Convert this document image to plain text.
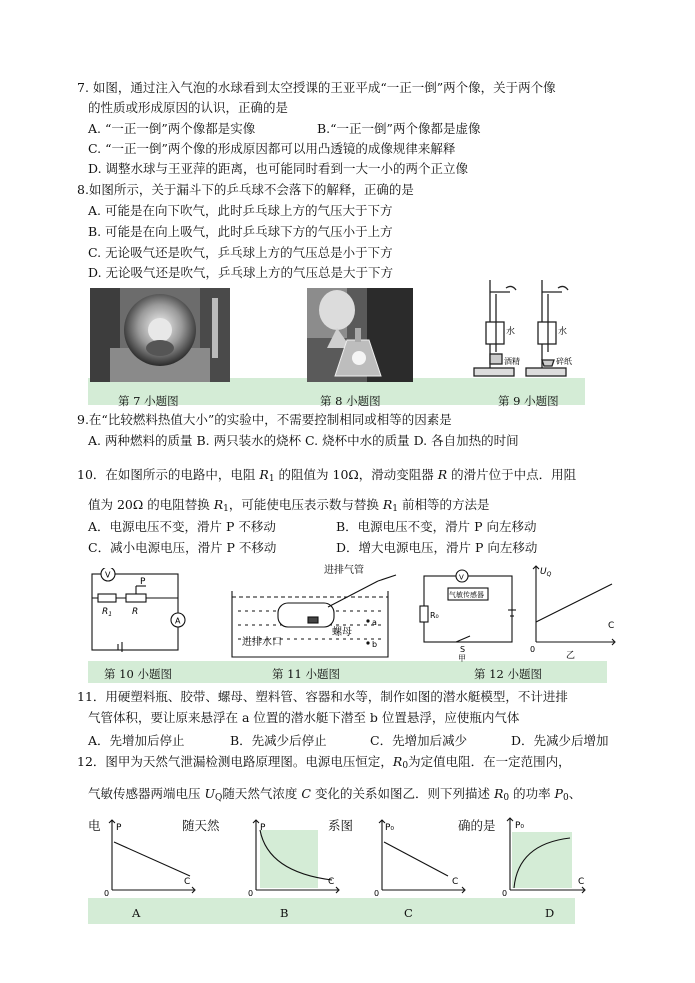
7. 如图，通过注入气泡的水球看到太空授课的王亚平成“一正一倒”两个像，关于两个像
的性质或形成原因的认识，正确的是
A. “一正一倒”两个像都是实像	B.“一正一倒”两个像都是虚像
C. “一正一倒”两个像的形成原因都可以用凸透镜的成像规律来解释
D. 调整水球与王亚萍的距离，也可能同时看到一大一小的两个正立像
8.如图所示，关于漏斗下的乒乓球不会落下的解释，正确的是
A. 可能是在向下吹气，此时乒乓球上方的气压大于下方
B. 可能是在向上吸气，此时乒乓球下方的气压小于上方
C. 无论吸气还是吹气，乒乓球上方的气压总是小于下方
D. 无论吸气还是吹气，乒乓球上方的气压总是大于下方
第 7 小题图	第 8 小题图	第 9 小题图
水	水
酒精	碎纸
9.在“比较燃料热值大小”的实验中，不需要控制相同或相等的因素是
A. 两种燃料的质量 B. 两只装水的烧杯 C. 烧杯中水的质量 D. 各自加热的时间
10．在如图所示的电路中，电阻 $R_1$ 的阻值为 10Ω，滑动变阻器 R 的滑片位于中点．用阻
值为 20Ω 的电阻替换 $R_1$，可能使电压表示数与替换 $R_1$ 前相等的方法是
A．电源电压不变，滑片 P 不移动	B．电源电压不变，滑片 P 向左移动
C．减小电源电压，滑片 P 不移动	D．增大电源电压，滑片 P 向左移动
第 10 小题图	第 11 小题图	第 12 小题图
V
A
P
$R_1$ R
进排气管
进排水口
螺母
a
b
V
气敏传感器
R₀
S
甲
$U_Q$
C
0
乙
11．用硬塑料瓶、胶带、螺母、塑料管、容器和水等，制作如图的潜水艇模型，不计进排
气管体积，要让原来悬浮在 a 位置的潜水艇下潜至 b 位置悬浮，应使瓶内气体
A．先增加后停止	B．先减少后停止	C．先增加后减少	D．先减少后增加
12．图甲为天然气泄漏检测电路原理图。电源电压恒定，$R_0$为定值电阻．在一定范围内，
气敏传感器两端电压 $U_Q$随天然气浓度 C 变化的关系如图乙．则下列描述 $R_0$ 的功率 $P_0$、
电	随天然	系图	确的是
P
C
0
A
P
C
0
B
P₀
C
0
C
P₀
C
0
D
